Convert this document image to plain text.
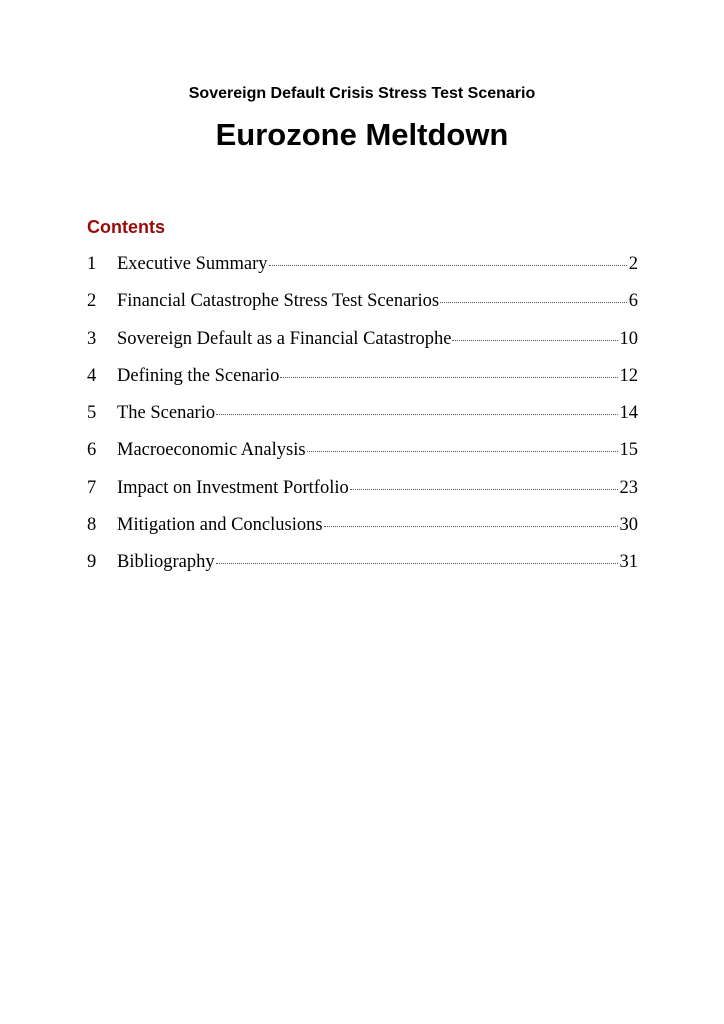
Sovereign Default Crisis Stress Test Scenario
Eurozone Meltdown
Contents
1	Executive Summary	2
2	Financial Catastrophe Stress Test Scenarios	6
3	Sovereign Default as a Financial Catastrophe	10
4	Defining the Scenario	12
5	The Scenario	14
6	Macroeconomic Analysis	15
7	Impact on Investment Portfolio	23
8	Mitigation and Conclusions	30
9	Bibliography	31
